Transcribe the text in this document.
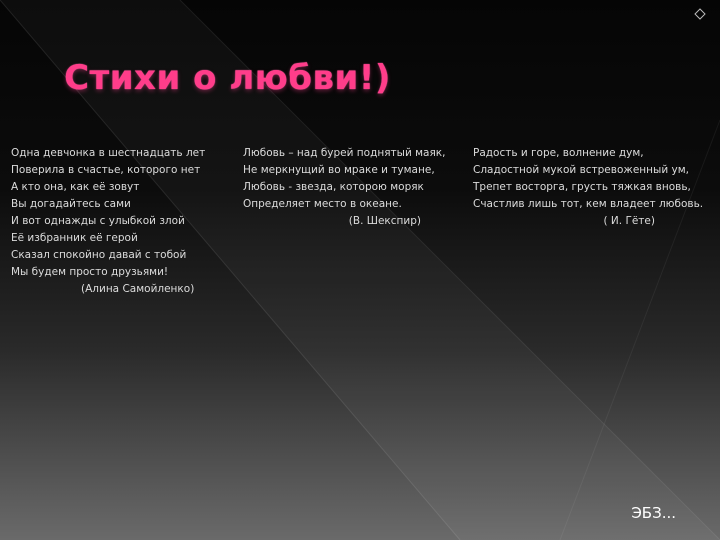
Стихи о любви!)
Одна девчонка в шестнадцать лет
Поверила в счастье, которого нет
А кто она, как её зовут
Вы догадайтесь сами
И вот однажды с улыбкой злой
Её избранник её герой
Сказал спокойно давай с тобой
Мы будем просто друзьями!
(Алина Самойленко)
Любовь – над бурей поднятый маяк,
Не меркнущий во мраке и тумане,
Любовь - звезда, которою моряк
Определяет место в океане.
(В. Шекспир)
Радость и горе, волнение дум,
Сладостной мукой встревоженный ум,
Трепет восторга, грусть тяжкая вновь,
Счастлив лишь тот, кем владеет любовь.
( И. Гёте)
ЭБЗ...
